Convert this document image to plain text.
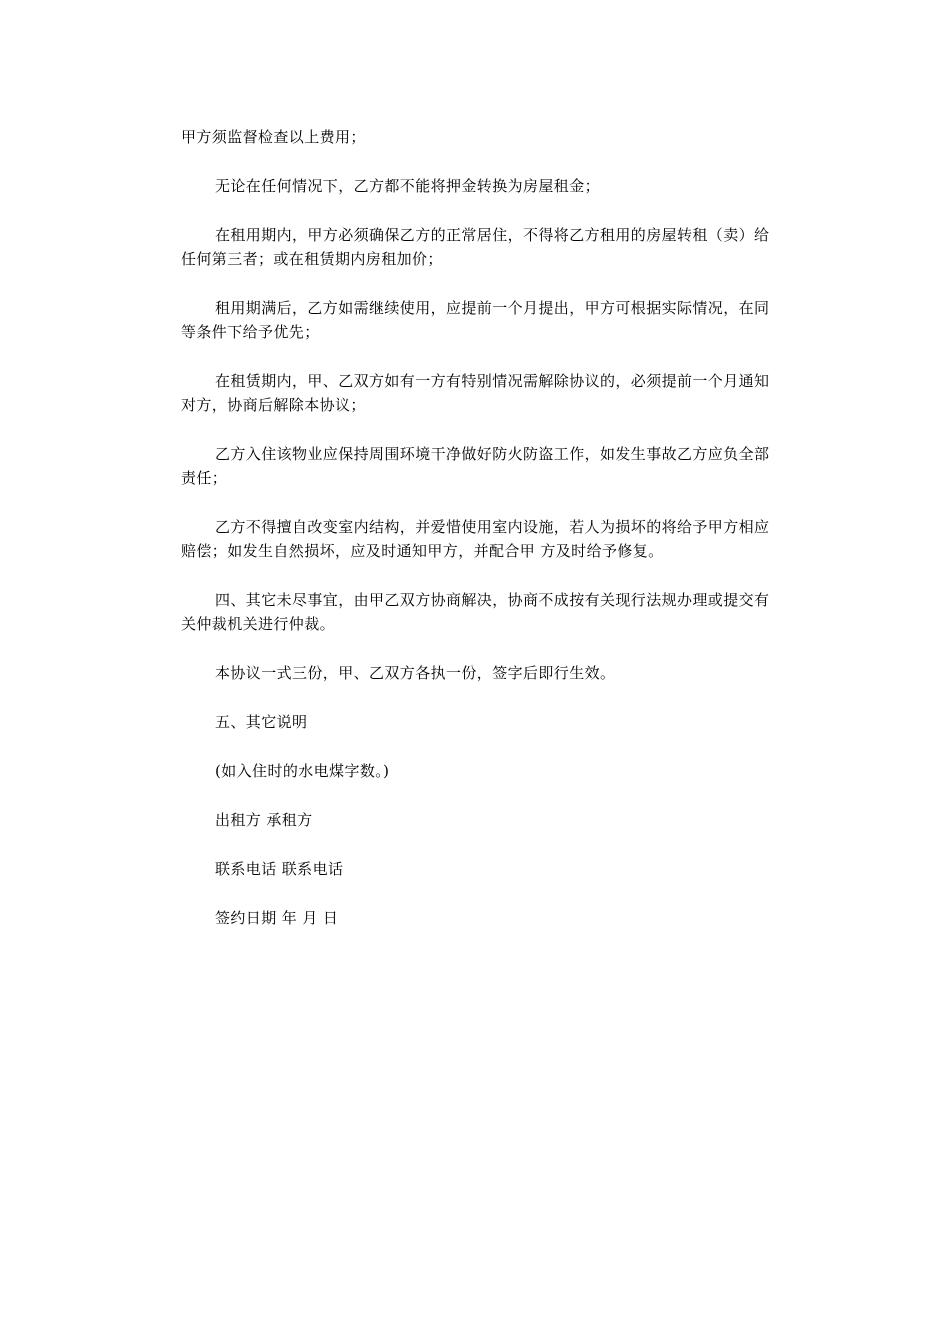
甲方须监督检查以上费用；

无论在任何情况下，乙方都不能将押金转换为房屋租金；

在租用期内，甲方必须确保乙方的正常居住，不得将乙方租用的房屋转租（卖）给任何第三者；或在租赁期内房租加价；

租用期满后，乙方如需继续使用，应提前一个月提出，甲方可根据实际情况，在同等条件下给予优先；

在租赁期内，甲、乙双方如有一方有特别情况需解除协议的，必须提前一个月通知对方，协商后解除本协议；

乙方入住该物业应保持周围环境干净做好防火防盗工作，如发生事故乙方应负全部责任；

乙方不得擅自改变室内结构，并爱惜使用室内设施，若人为损坏的将给予甲方相应赔偿；如发生自然损坏，应及时通知甲方，并配合甲 方及时给予修复。

四、其它未尽事宜，由甲乙双方协商解决，协商不成按有关现行法规办理或提交有关仲裁机关进行仲裁。

本协议一式三份，甲、乙双方各执一份，签字后即行生效。

五、其它说明

(如入住时的水电煤字数。)

出租方 承租方

联系电话 联系电话

签约日期 年 月 日
